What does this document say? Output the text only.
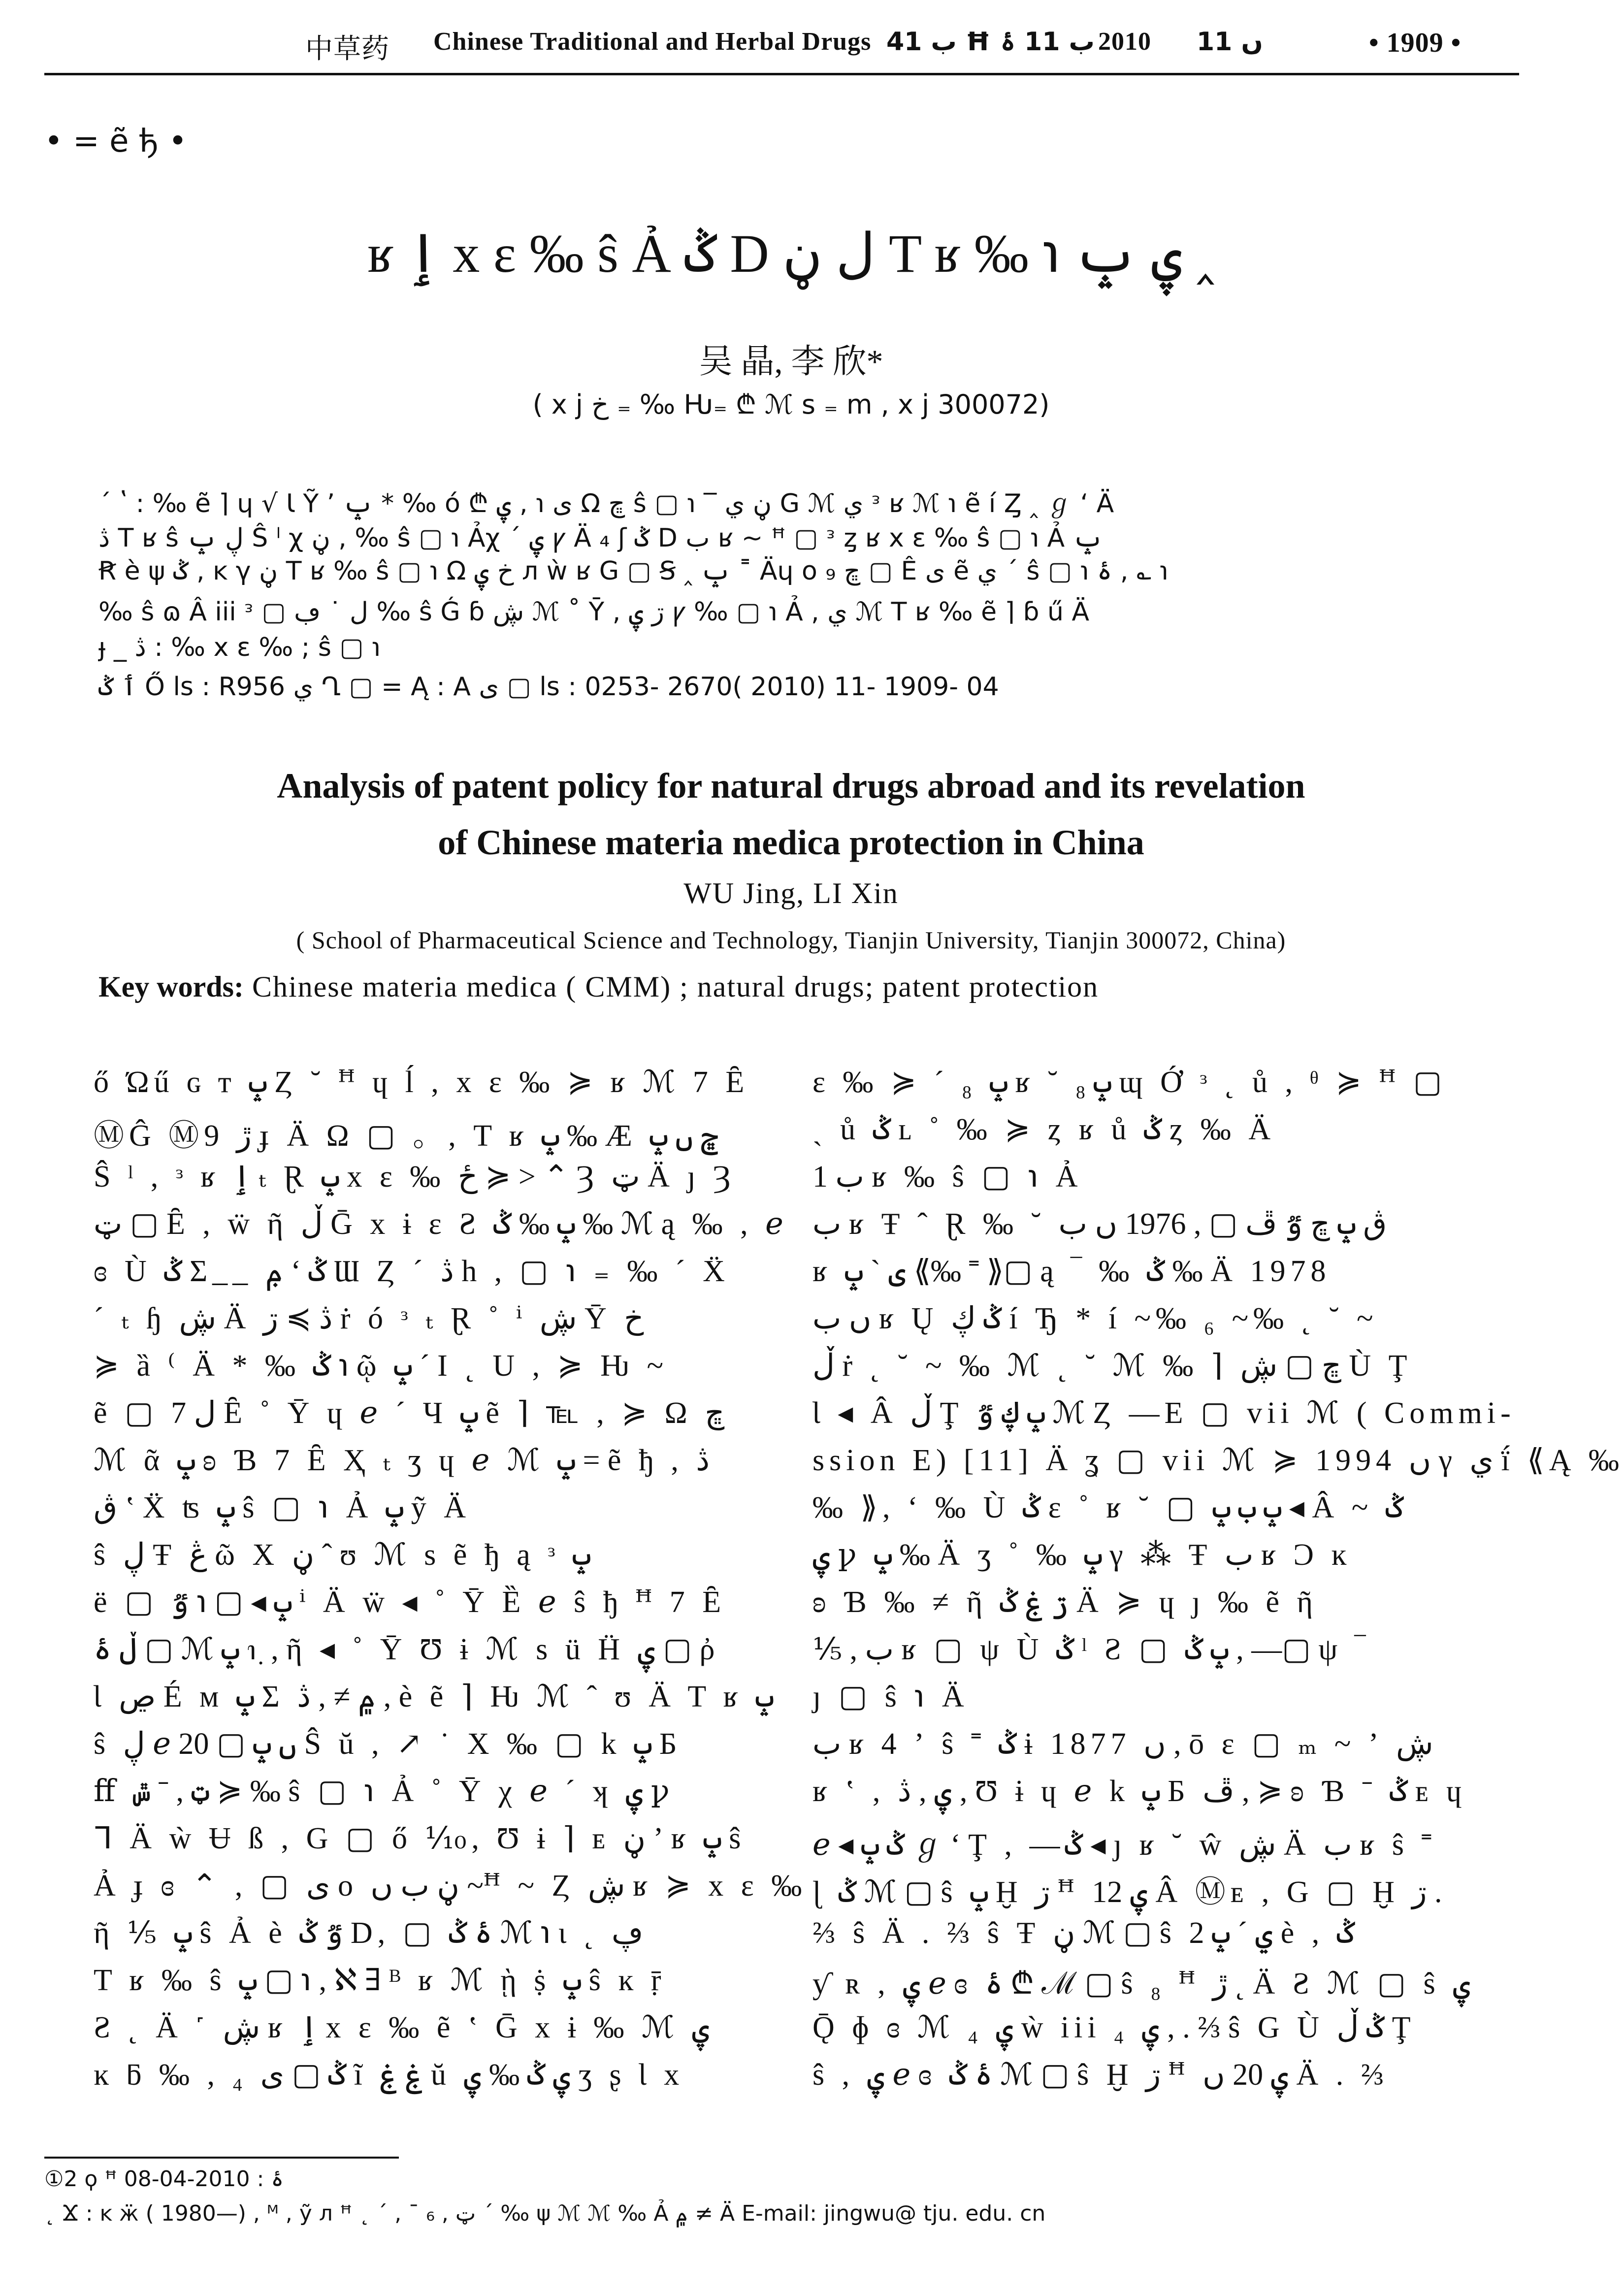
中草药 Chinese Traditional and Herbal Drugs ب 41 Ħ ب 11 ۂ 2010 ں 11	• 1909 •
• = ẽ ђ •
ʁ ٳ x ɛ ‰ ŝ Ả ݣ D ل ڼ T ʁ ‰ ℩ ۑ ݒ ‸
吴 晶, 李 欣*
( x j خ ₌ ‰ Ƕ₌ ₾ ℳ s ₌ m , x j 300072)
ˊ ʽ : ‰ ẽ ⌉ ɥ √ Ɩ Ỹ ʼ ݒ * ‰ ó ₾ ی ℩ , ۑ Ω ڇ ŝ ▢ ℩ ‾ ڼ ي G ℳ ي ᵌ ʁ ℳ ℩ ẽ í Ȥ ‸ ℊ ʻ Ä
ڎ T ʁ ŝ ڸ ݒ Ŝ ˡ χ ڼ , ‰ ŝ ▢ ℩ Ảχ ´ ۑ ꝩ Ä ₄ ʃ ݣ D ب ʁ ~ ꟸ ▢ ᵌ ȥ ʁ x ɛ ‰ ŝ ▢ ℩ Ả ݒ
Ꞧ è ψ ݣ , ĸ γ ڼ T ʁ ‰ ŝ ▢ ℩ Ω خ ۑ л ẁ ʁ G ▢ Ꞩ ‸ ݒ ˭ Äɥ o ڇ ₉ ▢ Ê ی ẽ ي ´ ŝ ▢ ℩ ۂ , ؎ ℩
‰ ŝ ɷ Â iii ᵌ ▢ ل ˙ ڢ ‰ ŝ Ǵ ɓ ڜ ℳ ˚ Ȳ , ڗ ۑ ꝩ ‰ ▢ ℩ Ả , ي ℳ T ʁ ‰ ẽ ⌉ ɓ ű Ä
ɟ _ ڎ : ‰ x ɛ ‰ ; ŝ ▢ ℩
ٲ ݣ Ő ls : R956 ي Ղ ▢ = Ą : A ى ▢ ls : 0253- 2670( 2010) 11- 1909- 04
Analysis of patent policy for natural drugs abroad and its revelation
of Chinese materia medica protection in China
WU Jing, LI Xin
( School of Pharmaceutical Science and Technology, Tianjin University, Tianjin 300072, China)
Key words: Chinese materia medica ( CMM) ; natural drugs; patent protection
ő Ώű ɢ ᴛ ݒ Ȥ ˘ ꟸ ɥ ĺ , x ɛ ‰ ≽ ʁ ℳ 7 Ȇ
ⓂĜ Ⓜ9 ڙ ɟ Ä Ω ▢ 。, T ʁ ݒ ‰ Æ ڇ ں ݒ
Ŝ ˡ , ᵌ ʁ ٳ ₜ Ɽ ݒ x ɛ ‰ ځ ≽ > ⌃ Ȝ ټ Ä ȷ Ȝ
ټ ▢ Ȇ , ẅ ῆ ڵ Ḡ x ɨ ɛ Ƨ ݒ ‰ ݣ ‰ ℳ ą ‰ , ℯ
ɞ Ù ݣ Σ__ ݦ ʻ ݣ Ɯ Ȥ ´ ڎ h , ▢ ℩ ₌ ‰ ´ Ẍ
ˊ ₜ ɧ ڜ Ä ڎ ≽ ڗ ṙ ó ᵌ ₜ Ɽ ˚ ⁱ ڜ Ȳ خ
≽ ȁ ⁽ Ä * ‰ ݣ ℩ ῷ ݒ ˊ I ˛ U , ≽ Ƕ ~
ẽ ▢ ل 7 Ȇ ˚ Ȳ ɥ ℯ ´ Ч ݒ ẽ ⌉ ℡ , ≽ Ω ڇ
ℳ ᾶ ݒ ʚ Ɓ 7 Ȇ Ҳ ₜ ʒ ɥ ℯ ℳ ݒ = ẽ ђ , ڎ
ڨ ʽ Ẍ ʦ ݒ ŝ ▢ ℩ Ả ݒ ỹ Ä
ŝ ڸ Ŧ ڠ ῶ Χ ڼ ˆ ʊ ℳ s ẽ ђ ą ᵌ ݒ
ë ▢ ݒ ◂ ▢ ℩ ٷ ⁱ Ä ẅ ◂ ˚ Ȳ Ȅ ℯ ŝ ђ ꟸ 7 Ȇ
ڵ ۂ ▢ ℳ ݒ ℩ ٜ , ῆ ◂ ˚ Ȳ Ʊ ɨ ℳ s ü Ḧ ۑ ▢ ῤ
Ɩ ڝ É м ݒ Σ ۾ ≠ , ڎ , è ẽ ⌉ Ƕ ℳ ˆ ʊ Ä T ʁ ݒ
ŝ ڸ ℯ 20 ▢ ں ݒ Ŝ ŭ , ↗ ˙ Χ ‰ ▢ k ݒ Б
ﬀ ټ , ˉ ݜ ≽ ‰ ŝ ▢ ℩ Ả ˚ Ȳ χ ℯ ´ ʞ ۑ ꝩ
ᒣ Ä ẁ Ʉ ß , G ▢ ő ⅒, Ʊ ɨ ⌉ ᴇ ڼ ʼ ʁ ݒ ŝ
Ả ɟ ɞ ⌃ , ▢ ی o ڼ ب ں ~ꟸ ~ Ȥ ڜ ʁ ≽ x ɛ ‰
ῆ ⅕ ݒ ŝ Ả è ٷ ݣ D, ▢ ۂ ݣ ℳ ℩ ɩ ˛ ڥ
T ʁ ‰ ŝ ݒ ▢ ℩ , ℵ ∃ ᴮ ʁ ℳ ῂ ṩ ݒ ŝ ĸ ṝ
Ƨ ˛ Ä ˹ ڜ ʁ ٳ x ɛ ‰ ẽ ʽ Ḡ x ɨ ‰ ℳ ۑ
ĸ ƃ ‰ , ₄ ݣ ▢ ی ĩ ۼ ۼ ŭ ۑ ݣ ‰ ۑ ʒ ʂ Ɩ x
ɛ ‰ ≽ ´ ₈ ݒ ʁ ˘ ݒ ₈ ɰ Ớ ᵌ ˛ ů , ᶿ ≽ ꟸ ▢
ˏ ů ݣ ʟ ˚ ‰ ≽ ȥ ʁ ů ݣ ȥ ‰ Ä
1 ب ʁ ‰ ŝ ▢ ℩ Ả
ب ʁ Ŧ ˆ Ɽ ‰ ˘ ڨ ݒ ڇ ٷ ڦ ▢ , 1976 ں ب
ʁ ی ˋ ݒ ⟪‰ ˭ ⟫▢ ą ‾ ‰ ݣ ‰ Ä 1978
ں ب ʁ Ų ݣ ڮ í Ђ * í ~‰ ₆ ~‰ ˛ ˘ ~
ڵ ṙ ˛ ˘ ~ ‰ ℳ ˛ ˘ ℳ ‰ ⌉ ڇ ▢ ڜ Ù Ţ
Ɩ ◂ Â ڵ Ţ ݒ ڮ ٷ ℳ Ȥ —E ▢ vii ℳ ( Commi-
ssion E) [11] Ä ʓ ▢ vii ℳ ≽ 1994 ں γ ي ḯ ⟪Ą ‰
‰ ⟫, ʻ ‰ Ù ݣ ɛ ˚ ʁ ˘ ▢ ݒ ب ݒ ◂ Â ~ ݣ
ۑ ꝩ ݒ ‰ Ä ʒ ˚ ‰ ݒ γ ⁂ Ŧ ب ʁ Ͻ ĸ
ʚ Ɓ ‰ ≠ ῆ ڗ ۼ ݣ Ä ≽ ɥ ȷ ‰ ẽ ῆ
⅕ , ب ʁ ▢ ψ Ù ݣ ˡ Ƨ ▢ ݒ ݣ , —▢ ψ ‾
ȷ ▢ ŝ ℩ Ä
ب ʁ 4 ʼ ŝ ˭ ݣ ɨ 1877 ں , ō ɛ ▢ ₘ ~ ʼ ڜ
ʁ ʽ , ۑ , ڎ , Ʊ ɨ ɥ ℯ k ݒ Б ڦ , ≽ ʚ Ɓ ˉ ݣ ᴇ ɥ
ℯ ◂ ݣ ݒ ℊ ʻ Ţ , —ݣ ◂ ȷ ʁ ˘ ŵ ڜ Ä ب ʁ ŝ ˭
ɭ ݣ ℳ ▢ ŝ ݒ Ḫ ڗ ꟸ ۑ 12 Â Ⓜᴇ , G ▢ Ḫ ڗ .
⅔ ŝ Ä . ⅔ ŝ Ŧ ڼ ℳ ▢ ŝ ي ´ ݒ 2 è , ݣ
ƴ ʀ , ۑ ℯ ɞ ۂ ₾ ℳ ▢ ŝ ₈ ꟸ ڙ ˛ Ä Ƨ ℳ ▢ ŝ ۑ
Ǭ ɸ ɞ ℳ ₄ ۑ ẁ iii ₄ ۑ , . ⅔ ŝ G Ù ݣ ڵ Ţ
ŝ , ۑ ℯ ɞ ۂ ݣ ℳ ▢ ŝ Ḫ ڗ ꟸ ۑ 20 ں Ä . ⅔
①2 ϙ ꟸ ۂ : 2010-04-08
˛ Ϫ : ĸ ӝ ( 1980—) , ᴹ , ỹ л ꟸ ˛ ˊ , ˉ ₆ , ټ ˊ ‰ ψ ℳ ℳ ‰ Ả ۾ ≠ Ä E-mail: jingwu@ tju. edu. cn
